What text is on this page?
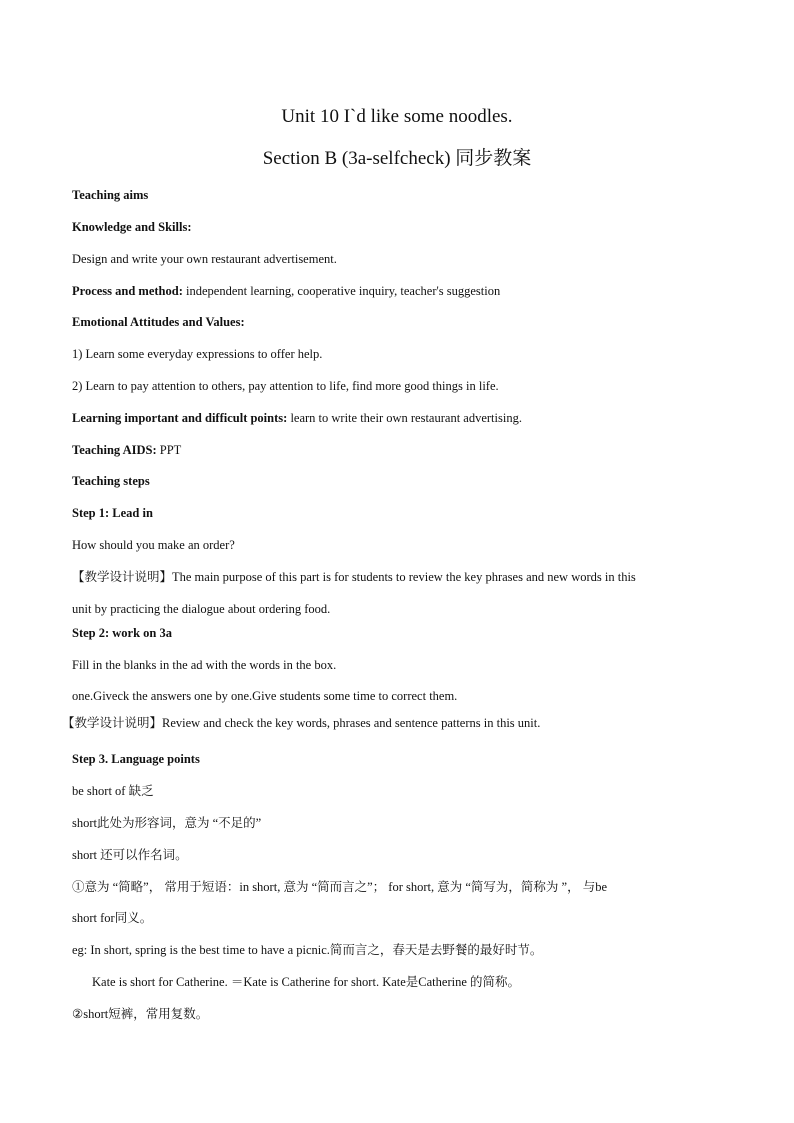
Unit 10 I`d like some noodles.
Section B (3a-selfcheck) 同步教案
Teaching aims
Knowledge and Skills:
Design and write your own restaurant advertisement.
Process and method: independent learning, cooperative inquiry, teacher's suggestion
Emotional Attitudes and Values:
1) Learn some everyday expressions to offer help.
2) Learn to pay attention to others, pay attention to life, find more good things in life.
Learning important and difficult points: learn to write their own restaurant advertising.
Teaching AIDS: PPT
Teaching steps
Step 1: Lead in
How should you make an order?
【教学设计说明】The main purpose of this part is for students to review the key phrases and new words in this
unit by practicing the dialogue about ordering food.
Step 2: work on 3a
Fill in the blanks in the ad with the words in the box.
one.Giveck the answers one by one.Give students some time to correct them.
【教学设计说明】Review and check the key words, phrases and sentence patterns in this unit.
Step 3. Language points
be short of 缺乏
short此处为形容词，意为 “不足的”
short 还可以作名词。
①意为 “简略”， 常用于短语：in short, 意为 “简而言之”； for short, 意为 “简写为，简称为 ”， 与be
short for同义。
eg: In short, spring is the best time to have a picnic.简而言之，春天是去野餐的最好时节。
Kate is short for Catherine. ＝Kate is Catherine for short. Kate是Catherine 的简称。
②short短裤，常用复数。
